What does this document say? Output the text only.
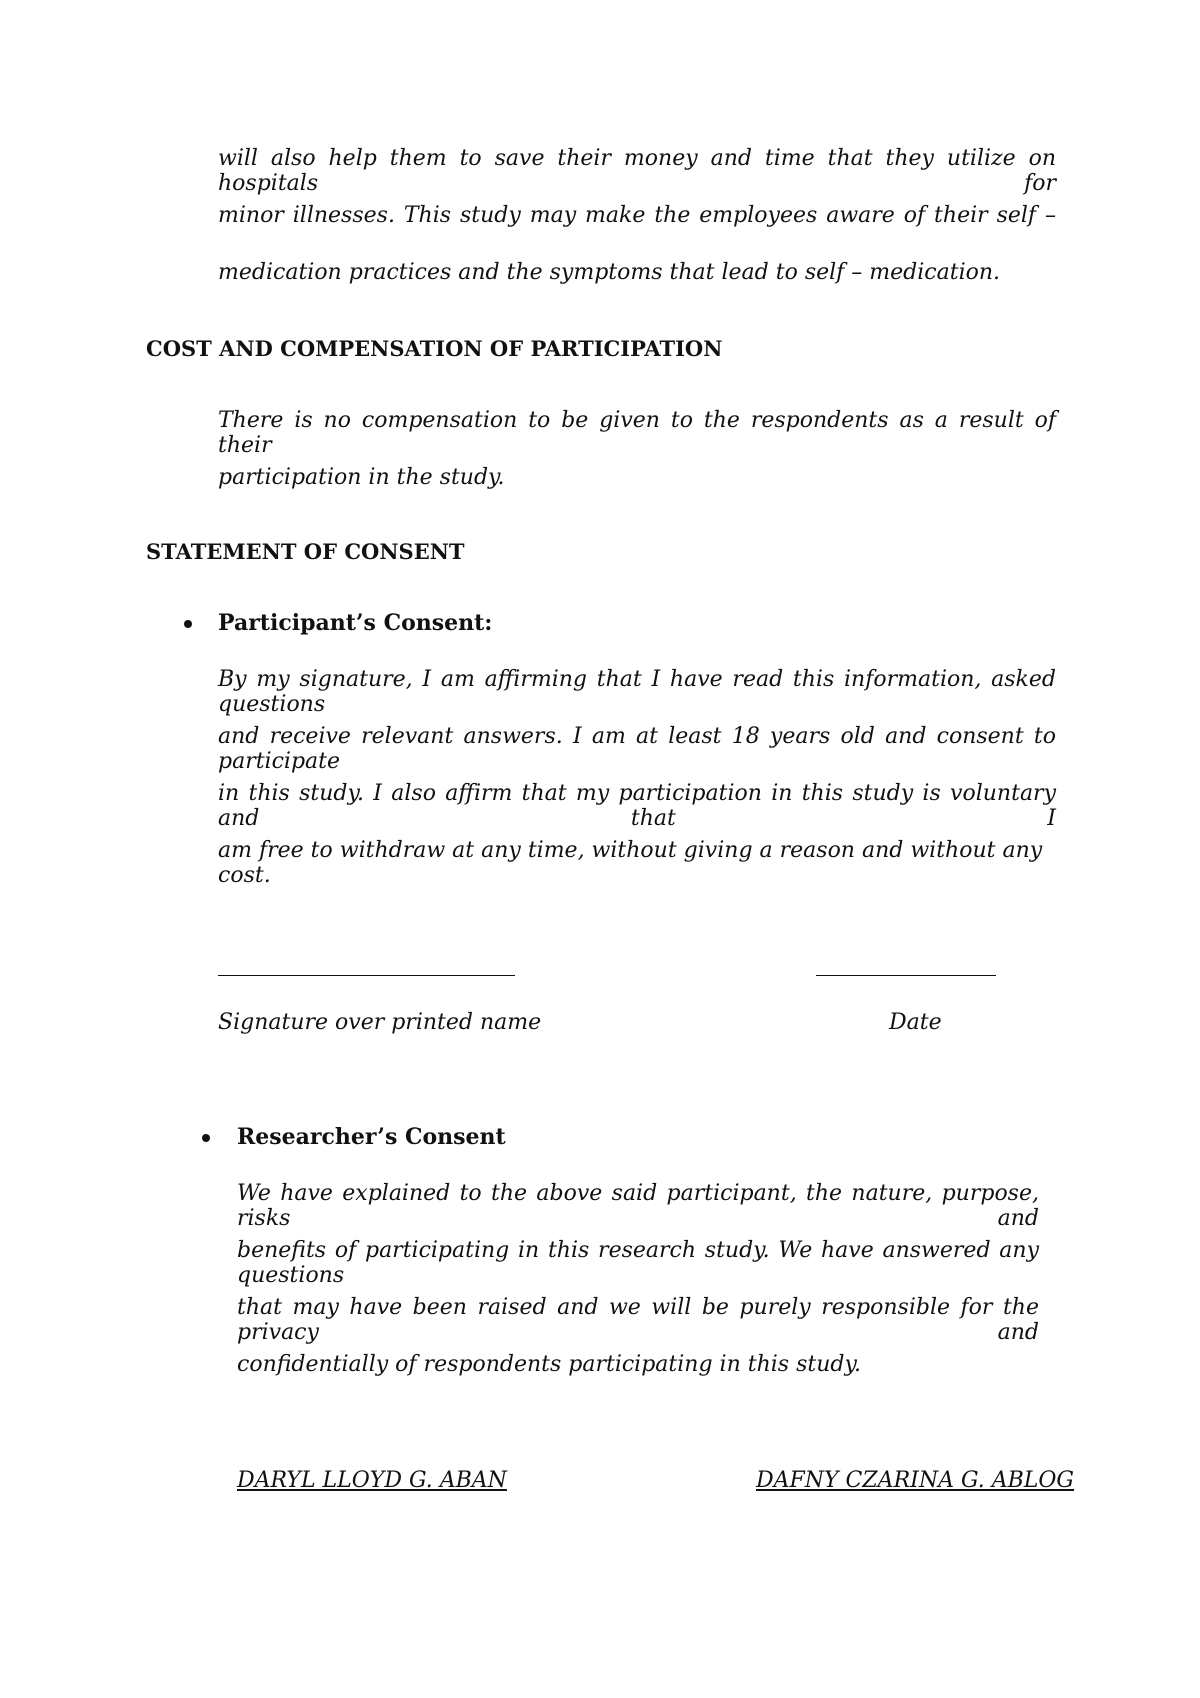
will also help them to save their money and time that they utilize on hospitals for

minor illnesses. This study may make the employees aware of their self –

medication practices and the symptoms that lead to self – medication.

COST AND COMPENSATION OF PARTICIPATION

There is no compensation to be given to the respondents as a result of their

participation in the study.

STATEMENT OF CONSENT
Participant’s Consent:

By my signature, I am affirming that I have read this information, asked questions

and receive relevant answers. I am at least 18 years old and consent to participate

in this study. I also affirm that my participation in this study is voluntary and that I

am free to withdraw at any time, without giving a reason and without any cost.

Signature over printed name	Date

Researcher’s Consent

We have explained to the above said participant, the nature, purpose, risks and

benefits of participating in this research study. We have answered any questions

that may have been raised and we will be purely responsible for the privacy and

confidentially of respondents participating in this study.

DARYL LLOYD G. ABAN	DAFNY CZARINA G. ABLOG
